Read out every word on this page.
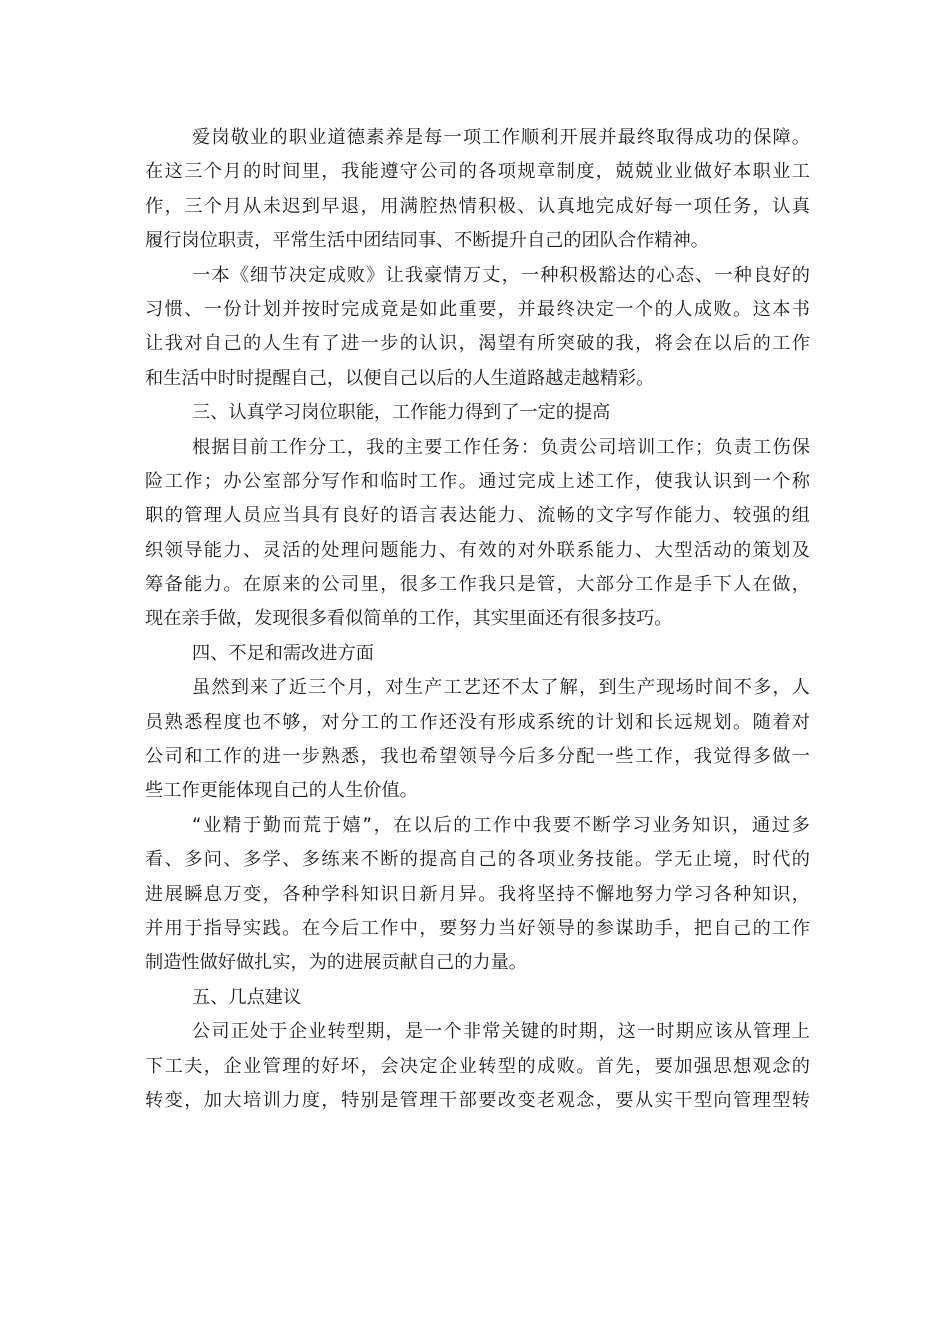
爱岗敬业的职业道德素养是每一项工作顺利开展并最终取得成功的保障。
在这三个月的时间里，我能遵守公司的各项规章制度，兢兢业业做好本职业工
作，三个月从未迟到早退，用满腔热情积极、认真地完成好每一项任务，认真
履行岗位职责，平常生活中团结同事、不断提升自己的团队合作精神。
一本《细节决定成败》让我豪情万丈，一种积极豁达的心态、一种良好的
习惯、一份计划并按时完成竟是如此重要，并最终决定一个的人成败。这本书
让我对自己的人生有了进一步的认识，渴望有所突破的我，将会在以后的工作
和生活中时时提醒自己，以便自己以后的人生道路越走越精彩。
三、认真学习岗位职能，工作能力得到了一定的提高
根据目前工作分工，我的主要工作任务：负责公司培训工作；负责工伤保
险工作；办公室部分写作和临时工作。通过完成上述工作，使我认识到一个称
职的管理人员应当具有良好的语言表达能力、流畅的文字写作能力、较强的组
织领导能力、灵活的处理问题能力、有效的对外联系能力、大型活动的策划及
筹备能力。在原来的公司里，很多工作我只是管，大部分工作是手下人在做，
现在亲手做，发现很多看似简单的工作，其实里面还有很多技巧。
四、不足和需改进方面
虽然到来了近三个月，对生产工艺还不太了解，到生产现场时间不多，人
员熟悉程度也不够，对分工的工作还没有形成系统的计划和长远规划。随着对
公司和工作的进一步熟悉，我也希望领导今后多分配一些工作，我觉得多做一
些工作更能体现自己的人生价值。
“业精于勤而荒于嬉”，在以后的工作中我要不断学习业务知识，通过多
看、多问、多学、多练来不断的提高自己的各项业务技能。学无止境，时代的
进展瞬息万变，各种学科知识日新月异。我将坚持不懈地努力学习各种知识，
并用于指导实践。在今后工作中，要努力当好领导的参谋助手，把自己的工作
制造性做好做扎实，为的进展贡献自己的力量。
五、几点建议
公司正处于企业转型期，是一个非常关键的时期，这一时期应该从管理上
下工夫，企业管理的好坏，会决定企业转型的成败。首先，要加强思想观念的
转变，加大培训力度，特别是管理干部要改变老观念，要从实干型向管理型转
